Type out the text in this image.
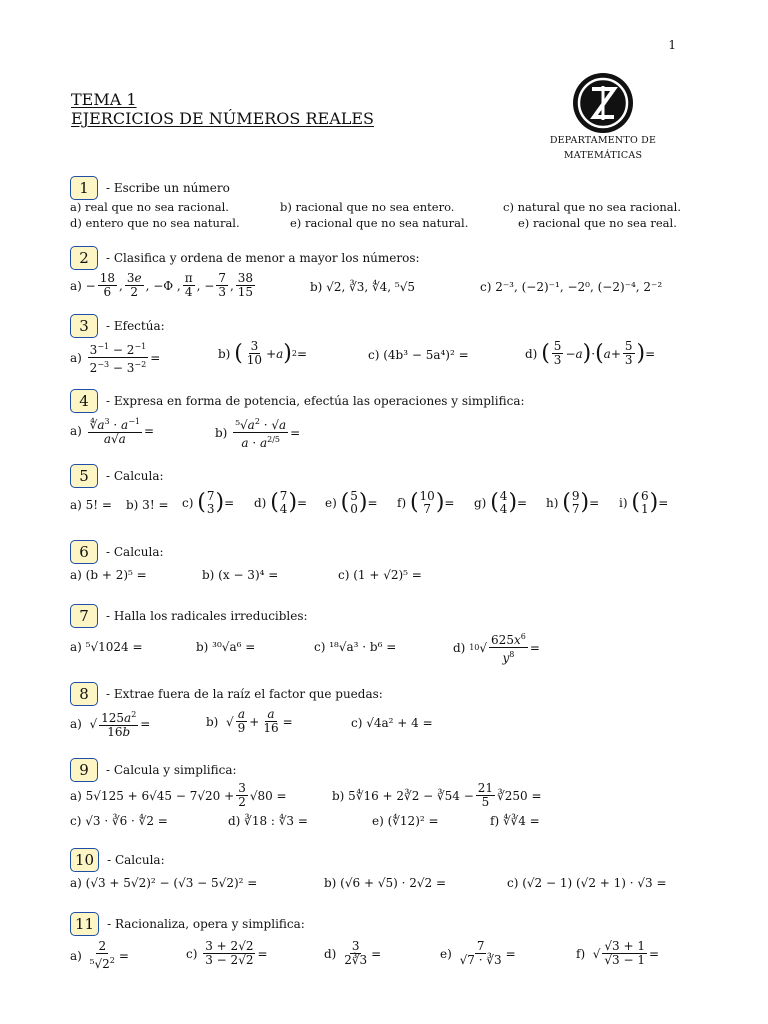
1
TEMA 1
EJERCICIOS DE NÚMEROS REALES
DEPARTAMENTO DE
MATEMÁTICAS
1	- Escribe un número
a) real que no sea racional.	b) racional que no sea entero.	c) natural que no sea racional.
d) entero que no sea natural.	e) racional que no sea natural.	e) racional que no sea real.
2	- Clasifica y ordena de menor a mayor los números:
a) −
18
6 ,
3e
2 , −Φ ,
π
4 , −
7
3 ,
38
15	b) √2, ∛3, ∜4, ⁵√5	c) 2⁻³, (−2)⁻¹, −2⁰, (−2)⁻⁴, 2⁻²
3	- Efectúa:
a)

$3^{-1} - 2^{-1}$
$2^{-3} - 3^{-2}$ =	b)
( 3
10 + a ) 2 =	c) (4b³ − 5a⁴)² =	d)
( 5
3 − a ) · ( a +
5
3 ) =
4	- Expresa en forma de potencia, efectúa las operaciones y simplifica:
a)
$∜a^3 \cdot a^{-1}$
a√a
=	b)

$^5√a^2 \cdot √a$
$a \cdot a^{2/5}$ =
5	- Calcula:
a) 5! = b) 3! = c)
( 7
3 ) = d)
( 7
4 ) = e)
( 5
0 ) = f)
( 10
7 ) = g)
( 4
4 ) = h)
( 9
7 ) = i)
( 6
1 ) =
6	- Calcula:
a) (b + 2)⁵ =	b) (x − 3)⁴ =	c) (1 + √2)⁵ =
7	- Halla los radicales irreducibles:
a) ⁵√1024 =	b) ³⁰√a⁶ =	c) ¹⁸√a³ · b⁶ =	d)
10 √
$625x^6$
$y^8$ =
8	- Extrae fuera de la raíz el factor que puedas:
a) √ $125a^2$
16b
=	b) √
a
9 +
a
16 =	c) √4a² + 4 =
9	- Calcula y simplifica:
a) $5√125 + 6√45 - 7√20 + \frac{3}{2} √80$ =	b) 5∜16 + 2∛2 − ∛54 − $\frac{21}{5}$ ∛250 =
c) √3 · ∛6 · ∜2 =	d) ∛18 : ∜3 =	e) (∜12)² =	f) ∜∛4 =
10	- Calcula:
a) (√3 + 5√2)² − (√3 − 5√2)² =	b) (√6 + √5) · 2√2 =	c) (√2 − 1) (√2 + 1) · √3 =
11	- Racionaliza, opera y simplifica:
a)

2
$^5√2^2$ =	c)

3 + 2√2
3 − 2√2 =	d)

3
2∛3 =	e)

7
√7 · ∛3 =	f) √
√3 + 1
√3 − 1 =
